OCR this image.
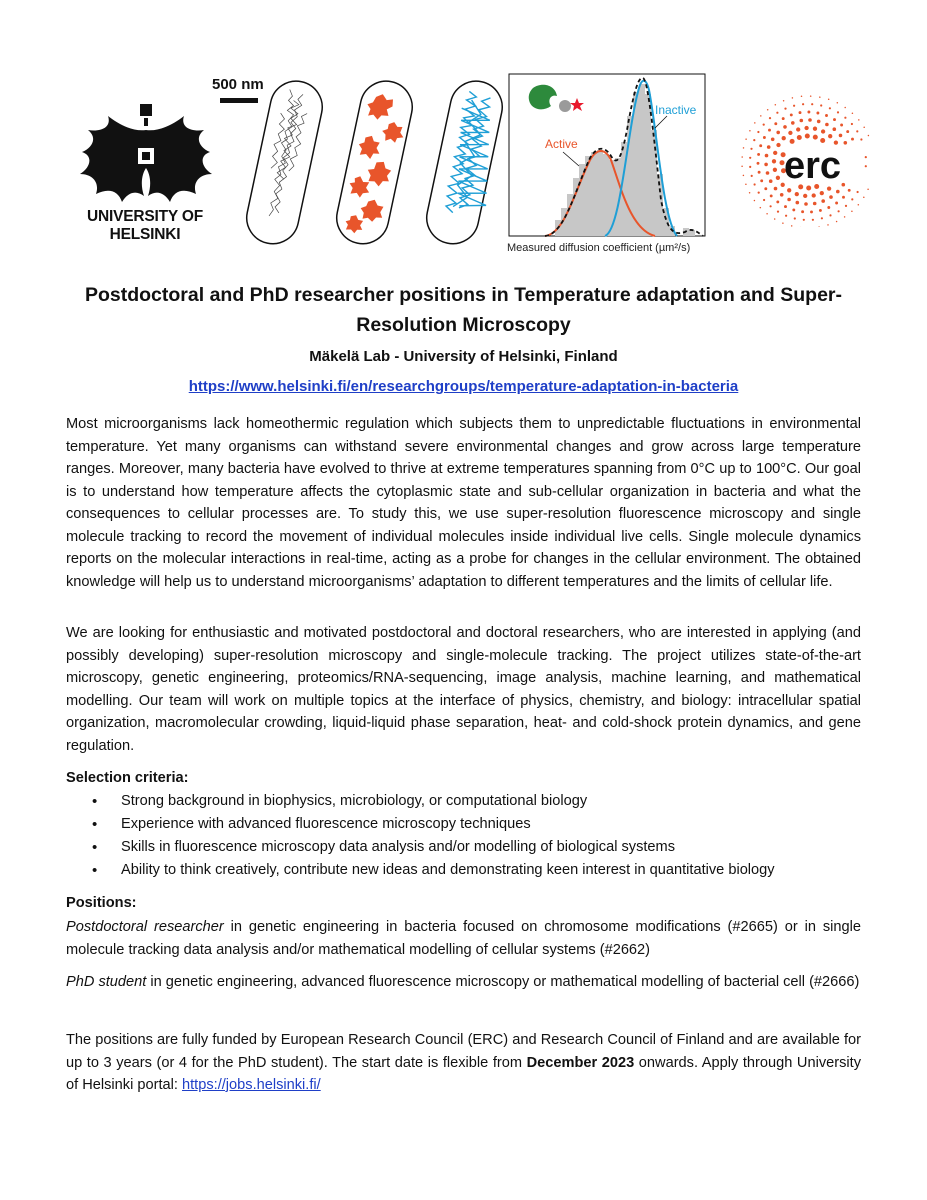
UNIVERSITY OF HELSINKI
500 nm
Active
Inactive
Measured diffusion coefficient (µm²/s)
erc
Postdoctoral and PhD researcher positions in Temperature adaptation and Super-Resolution Microscopy
Mäkelä Lab - University of Helsinki, Finland
https://www.helsinki.fi/en/researchgroups/temperature-adaptation-in-bacteria
Most microorganisms lack homeothermic regulation which subjects them to unpredictable fluctuations in environmental temperature. Yet many organisms can withstand severe environmental changes and grow across large temperature ranges. Moreover, many bacteria have evolved to thrive at extreme temperatures spanning from 0°C up to 100°C. Our goal is to understand how temperature affects the cytoplasmic state and sub-cellular organization in bacteria and what the consequences to cellular processes are. To study this, we use super-resolution fluorescence microscopy and single molecule tracking to record the movement of individual molecules inside individual live cells. Single molecule dynamics reports on the molecular interactions in real-time, acting as a probe for changes in the cellular environment. The obtained knowledge will help us to understand microorganisms’ adaptation to different temperatures and the limits of cellular life.
We are looking for enthusiastic and motivated postdoctoral and doctoral researchers, who are interested in applying (and possibly developing) super-resolution microscopy and single-molecule tracking. The project utilizes state-of-the-art microscopy, genetic engineering, proteomics/RNA-sequencing, image analysis, machine learning, and mathematical modelling. Our team will work on multiple topics at the interface of physics, chemistry, and biology: intracellular spatial organization, macromolecular crowding, liquid-liquid phase separation, heat- and cold-shock protein dynamics, and gene regulation.
Selection criteria:
• Strong background in biophysics, microbiology, or computational biology
• Experience with advanced fluorescence microscopy techniques
• Skills in fluorescence microscopy data analysis and/or modelling of biological systems
• Ability to think creatively, contribute new ideas and demonstrating keen interest in quantitative biology
Positions:
Postdoctoral researcher in genetic engineering in bacteria focused on chromosome modifications (#2665) or in single molecule tracking data analysis and/or mathematical modelling of cellular systems (#2662)
PhD student in genetic engineering, advanced fluorescence microscopy or mathematical modelling of bacterial cell (#2666)
The positions are fully funded by European Research Council (ERC) and Research Council of Finland and are available for up to 3 years (or 4 for the PhD student). The start date is flexible from December 2023 onwards. Apply through University of Helsinki portal: https://jobs.helsinki.fi/
